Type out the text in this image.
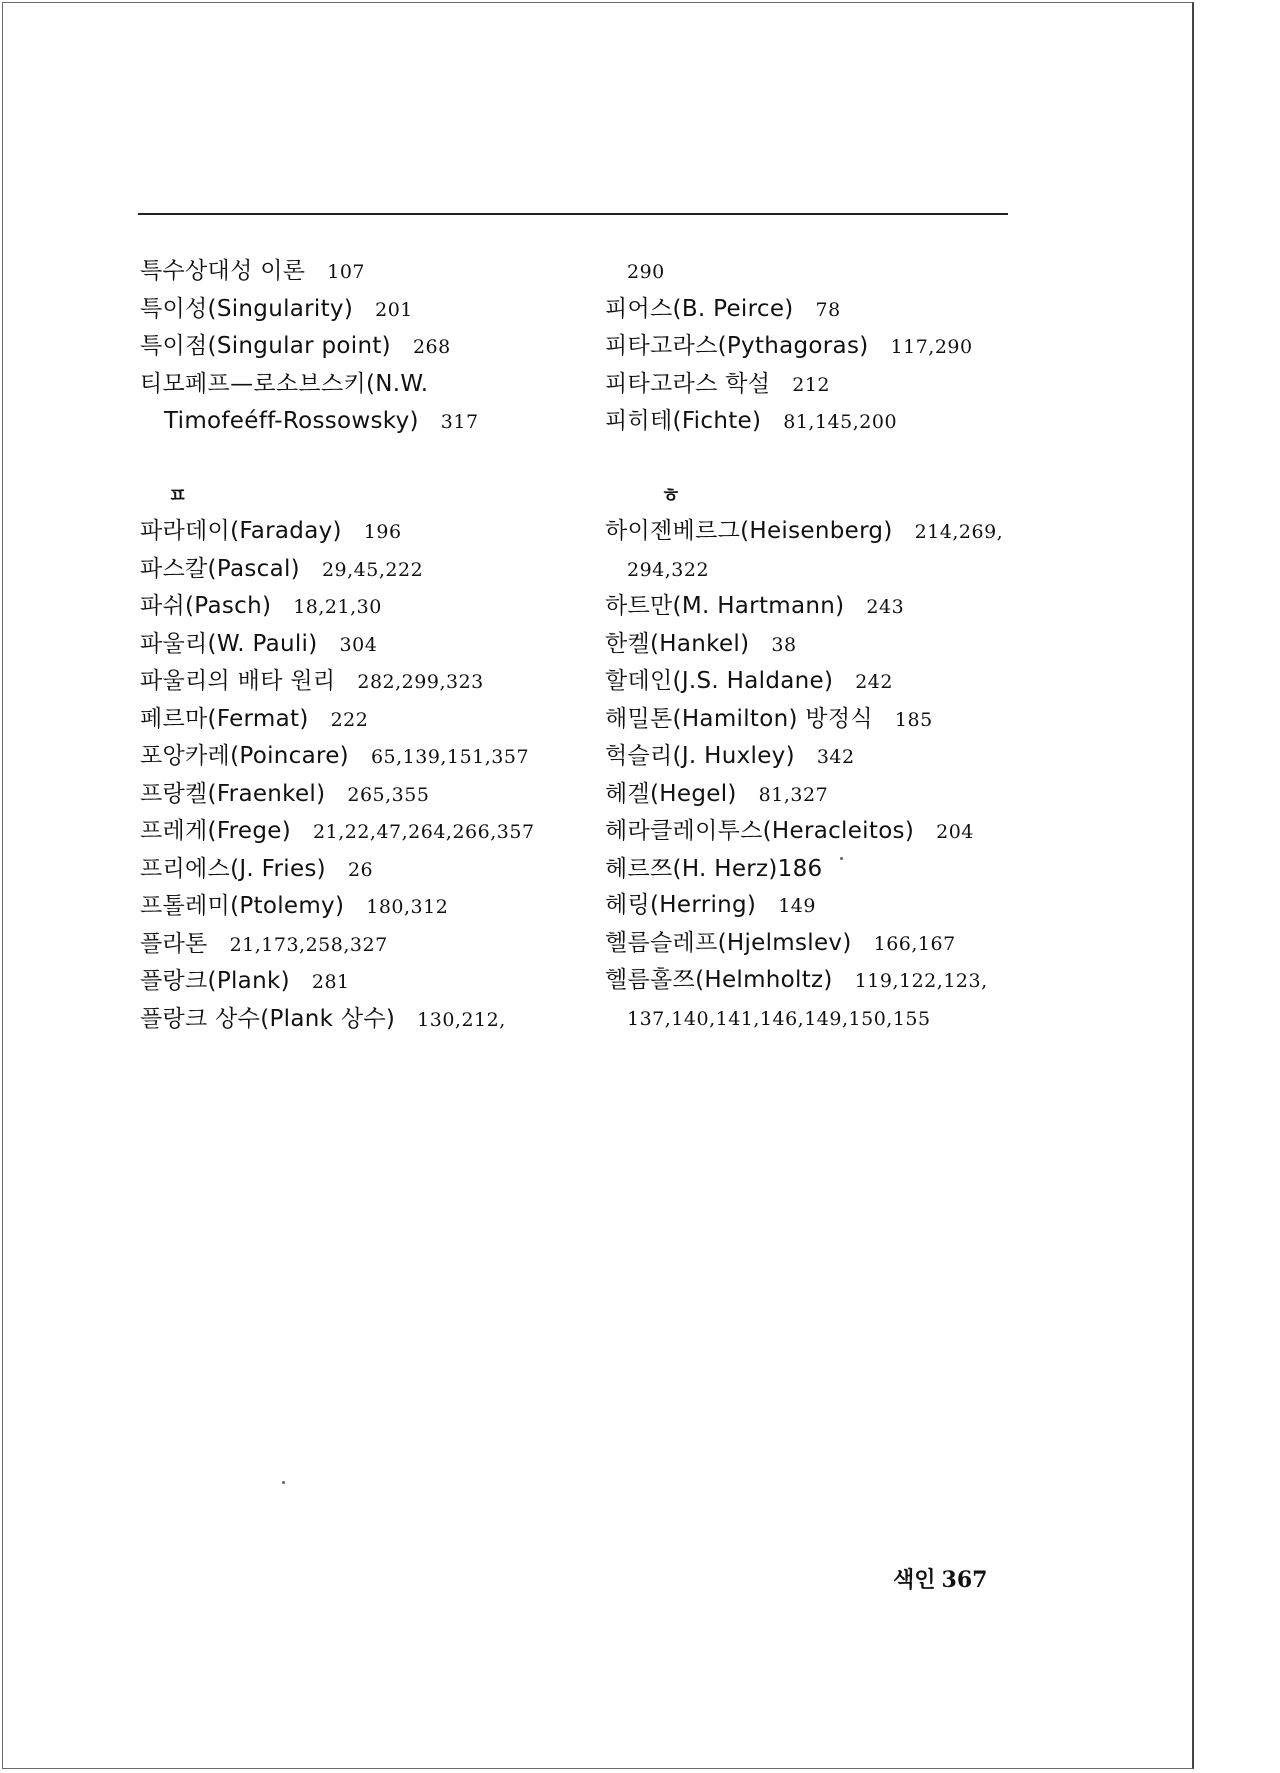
특수상대성 이론 107
특이성(Singularity) 201
특이점(Singular point) 268
티모페프—로소브스키(N.W.
Timofeéff-Rossowsky) 317
ㅍ
파라데이(Faraday) 196
파스칼(Pascal) 29,45,222
파쉬(Pasch) 18,21,30
파울리(W. Pauli) 304
파울리의 배타 원리 282,299,323
페르마(Fermat) 222
포앙카레(Poincare) 65,139,151,357
프랑켈(Fraenkel) 265,355
프레게(Frege) 21,22,47,264,266,357
프리에스(J. Fries) 26
프톨레미(Ptolemy) 180,312
플라톤 21,173,258,327
플랑크(Plank) 281
플랑크 상수(Plank 상수) 130,212,
290
피어스(B. Peirce) 78
피타고라스(Pythagoras) 117,290
피타고라스 학설 212
피히테(Fichte) 81,145,200
ㅎ
하이젠베르그(Heisenberg) 214,269,
294,322
하트만(M. Hartmann) 243
한켈(Hankel) 38
할데인(J.S. Haldane) 242
해밀톤(Hamilton) 방정식 185
헉슬리(J. Huxley) 342
헤겔(Hegel) 81,327
헤라클레이투스(Heracleitos) 204
헤르쯔(H. Herz)186
헤링(Herring) 149
헬름슬레프(Hjelmslev) 166,167
헬름홀쯔(Helmholtz) 119,122,123,
137,140,141,146,149,150,155
색인 367
